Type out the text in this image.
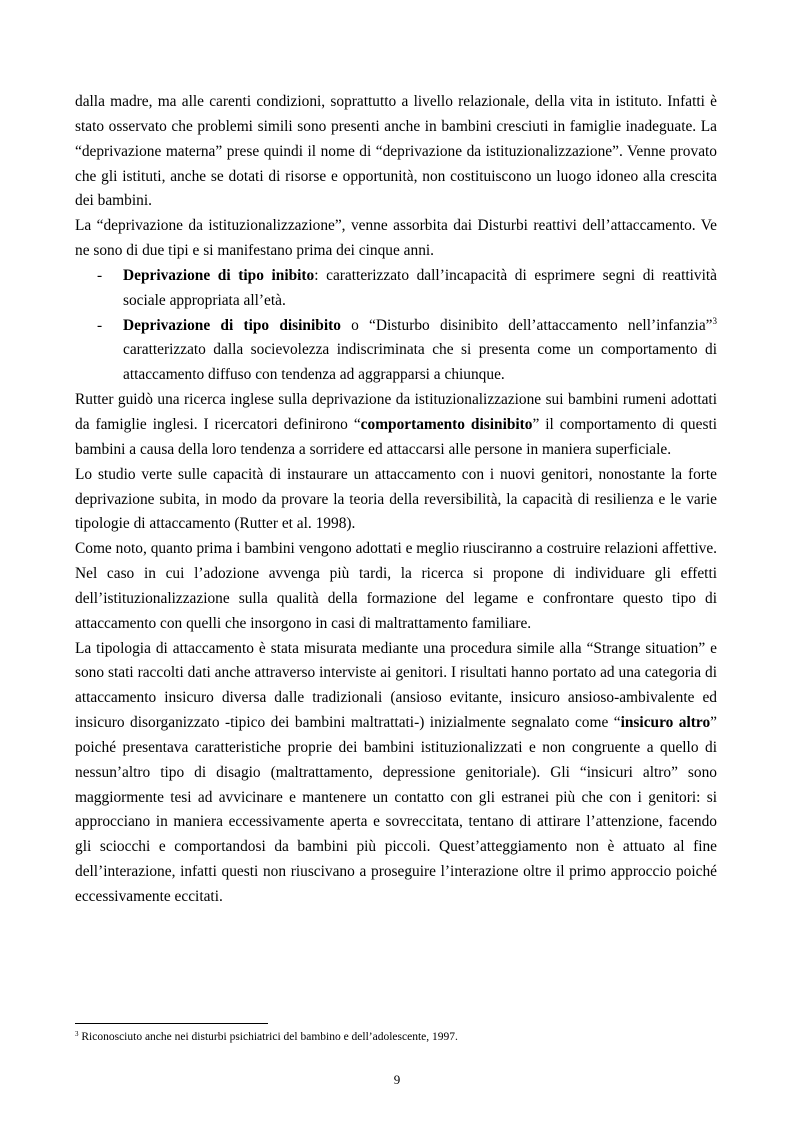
dalla madre, ma alle carenti condizioni, soprattutto a livello relazionale, della vita in istituto. Infatti è stato osservato che problemi simili sono presenti anche in bambini cresciuti in famiglie inadeguate. La “deprivazione materna” prese quindi il nome di “deprivazione da istituzionalizzazione”. Venne provato che gli istituti, anche se dotati di risorse e opportunità, non costituiscono un luogo idoneo alla crescita dei bambini.

La “deprivazione da istituzionalizzazione”, venne assorbita dai Disturbi reattivi dell’attaccamento. Ve ne sono di due tipi e si manifestano prima dei cinque anni.

- Deprivazione di tipo inibito: caratterizzato dall’incapacità di esprimere segni di reattività sociale appropriata all’età.
- Deprivazione di tipo disinibito o “Disturbo disinibito dell’attaccamento nell’infanzia”$^3$ caratterizzato dalla socievolezza indiscriminata che si presenta come un comportamento di attaccamento diffuso con tendenza ad aggrapparsi a chiunque.

Rutter guidò una ricerca inglese sulla deprivazione da istituzionalizzazione sui bambini rumeni adottati da famiglie inglesi. I ricercatori definirono “comportamento disinibito” il comportamento di questi bambini a causa della loro tendenza a sorridere ed attaccarsi alle persone in maniera superficiale.

Lo studio verte sulle capacità di instaurare un attaccamento con i nuovi genitori, nonostante la forte deprivazione subita, in modo da provare la teoria della reversibilità, la capacità di resilienza e le varie tipologie di attaccamento (Rutter et al. 1998).

Come noto, quanto prima i bambini vengono adottati e meglio riusciranno a costruire relazioni affettive. Nel caso in cui l’adozione avvenga più tardi, la ricerca si propone di individuare gli effetti dell’istituzionalizzazione sulla qualità della formazione del legame e confrontare questo tipo di attaccamento con quelli che insorgono in casi di maltrattamento familiare.

La tipologia di attaccamento è stata misurata mediante una procedura simile alla “Strange situation” e sono stati raccolti dati anche attraverso interviste ai genitori. I risultati hanno portato ad una categoria di attaccamento insicuro diversa dalle tradizionali (ansioso evitante, insicuro ansioso-ambivalente ed insicuro disorganizzato -tipico dei bambini maltrattati-) inizialmente segnalato come “insicuro altro” poiché presentava caratteristiche proprie dei bambini istituzionalizzati e non congruente a quello di nessun’altro tipo di disagio (maltrattamento, depressione genitoriale). Gli “insicuri altro” sono maggiormente tesi ad avvicinare e mantenere un contatto con gli estranei più che con i genitori: si approcciano in maniera eccessivamente aperta e sovreccitata, tentano di attirare l’attenzione, facendo gli sciocchi e comportandosi da bambini più piccoli. Quest’atteggiamento non è attuato al fine dell’interazione, infatti questi non riuscivano a proseguire l’interazione oltre il primo approccio poiché eccessivamente eccitati.

$^3$ Riconosciuto anche nei disturbi psichiatrici del bambino e dell’adolescente, 1997.
9
